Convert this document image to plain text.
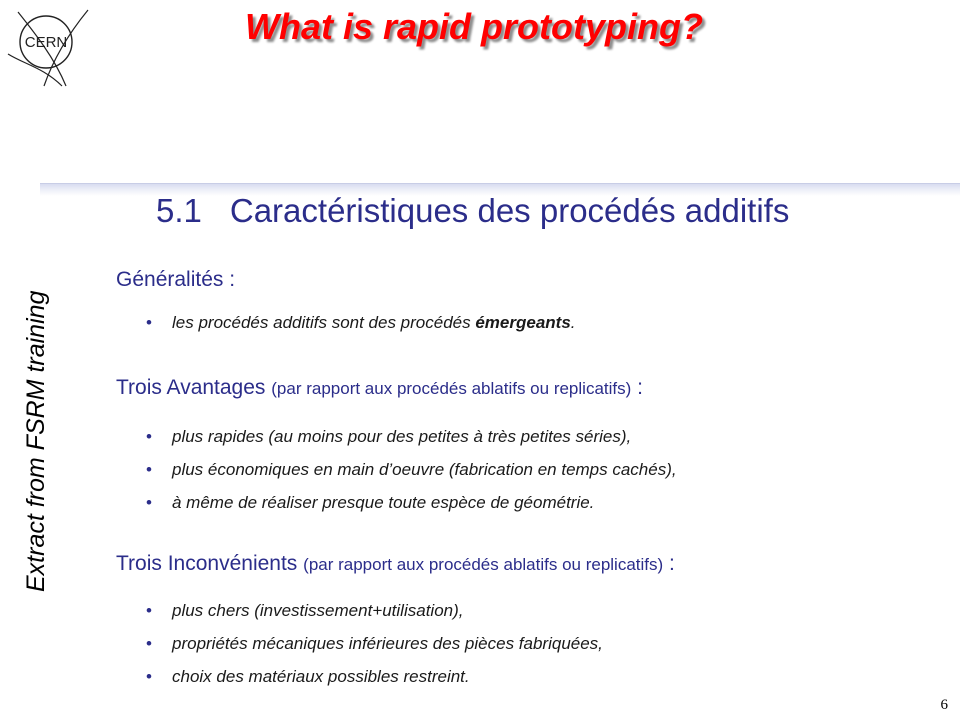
CERN	What is rapid prototyping?
Extract from FSRM training
5.1 Caractéristiques des procédés additifs
Généralités :
• les procédés additifs sont des procédés émergeants.
Trois Avantages (par rapport aux procédés ablatifs ou replicatifs) :
• plus rapides (au moins pour des petites à très petites séries),
• plus économiques en main d’oeuvre (fabrication en temps cachés),
• à même de réaliser presque toute espèce de géométrie.
Trois Inconvénients (par rapport aux procédés ablatifs ou replicatifs) :
• plus chers (investissement+utilisation),
• propriétés mécaniques inférieures des pièces fabriquées,
• choix des matériaux possibles restreint.
6
